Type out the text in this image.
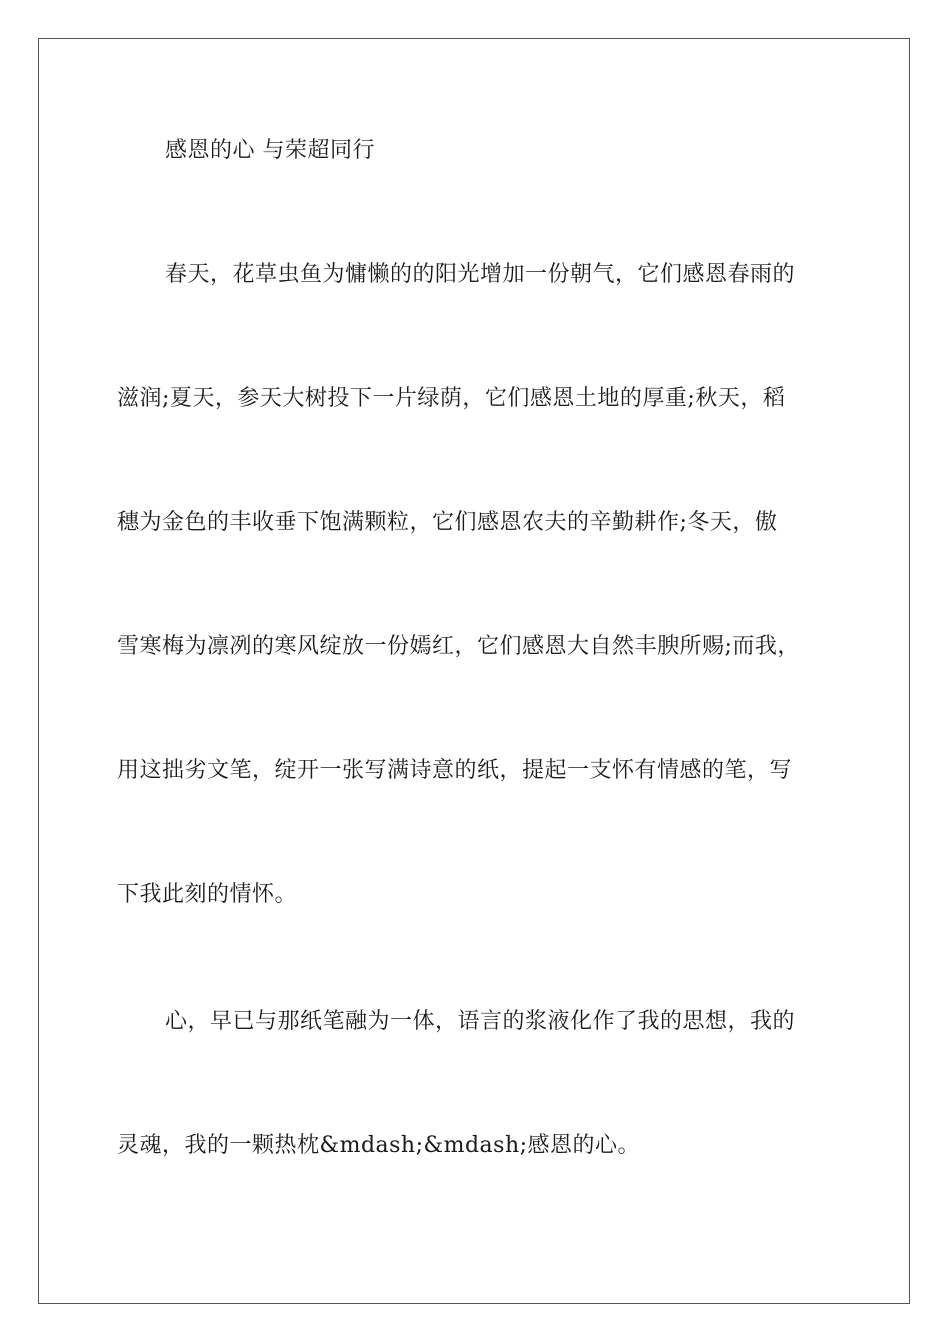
感恩的心 与荣超同行
春天，花草虫鱼为慵懒的的阳光增加一份朝气，它们感恩春雨的
滋润;夏天，参天大树投下一片绿荫，它们感恩土地的厚重;秋天，稻
穗为金色的丰收垂下饱满颗粒，它们感恩农夫的辛勤耕作;冬天，傲
雪寒梅为凛冽的寒风绽放一份嫣红，它们感恩大自然丰腴所赐;而我，
用这拙劣文笔，绽开一张写满诗意的纸，提起一支怀有情感的笔，写
下我此刻的情怀。
心，早已与那纸笔融为一体，语言的浆液化作了我的思想，我的
灵魂，我的一颗热枕&mdash;&mdash;感恩的心。
